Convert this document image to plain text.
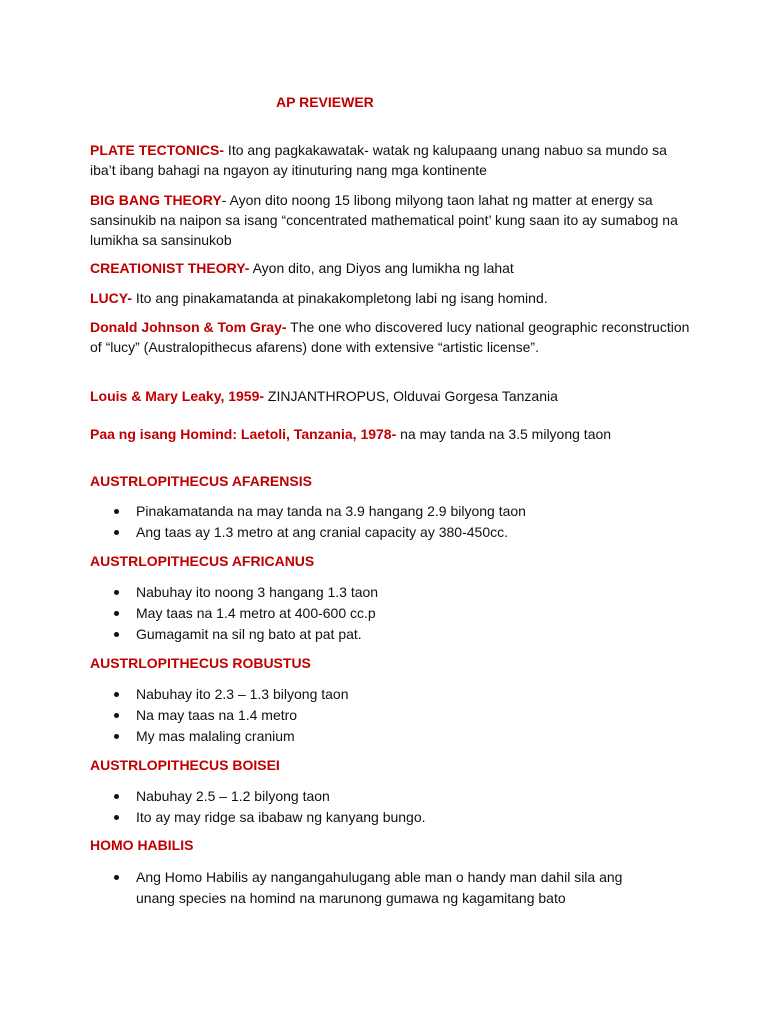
AP REVIEWER
PLATE TECTONICS- Ito ang pagkakawatak- watak ng kalupaang unang nabuo sa mundo sa iba’t ibang bahagi na ngayon ay itinuturing nang mga kontinente
BIG BANG THEORY- Ayon dito noong 15 libong milyong taon lahat ng matter at energy sa sansinukib na naipon sa isang “concentrated mathematical point’ kung saan ito ay sumabog na lumikha sa sansinukob
CREATIONIST THEORY- Ayon dito, ang Diyos ang lumikha ng lahat
LUCY- Ito ang pinakamatanda at pinakakompletong labi ng isang homind.
Donald Johnson & Tom Gray- The one who discovered lucy national geographic reconstruction of “lucy” (Australopithecus afarens) done with extensive “artistic license”.
Louis & Mary Leaky, 1959- ZINJANTHROPUS, Olduvai Gorgesa Tanzania
Paa ng isang Homind: Laetoli, Tanzania, 1978- na may tanda na 3.5 milyong taon
AUSTRLOPITHECUS AFARENSIS
Pinakamatanda na may tanda na 3.9 hangang 2.9 bilyong taon
Ang taas ay 1.3 metro at ang cranial capacity ay 380-450cc.
AUSTRLOPITHECUS AFRICANUS
Nabuhay ito noong 3 hangang 1.3 taon
May taas na 1.4 metro at 400-600 cc.p
Gumagamit na sil ng bato at pat pat.
AUSTRLOPITHECUS ROBUSTUS
Nabuhay ito 2.3 – 1.3 bilyong taon
Na may taas na 1.4 metro
My mas malaling cranium
AUSTRLOPITHECUS BOISEI
Nabuhay 2.5 – 1.2 bilyong taon
Ito ay may ridge sa ibabaw ng kanyang bungo.
HOMO HABILIS
Ang Homo Habilis ay nangangahulugang able man o handy man dahil sila ang unang species na homind na marunong gumawa ng kagamitang bato
